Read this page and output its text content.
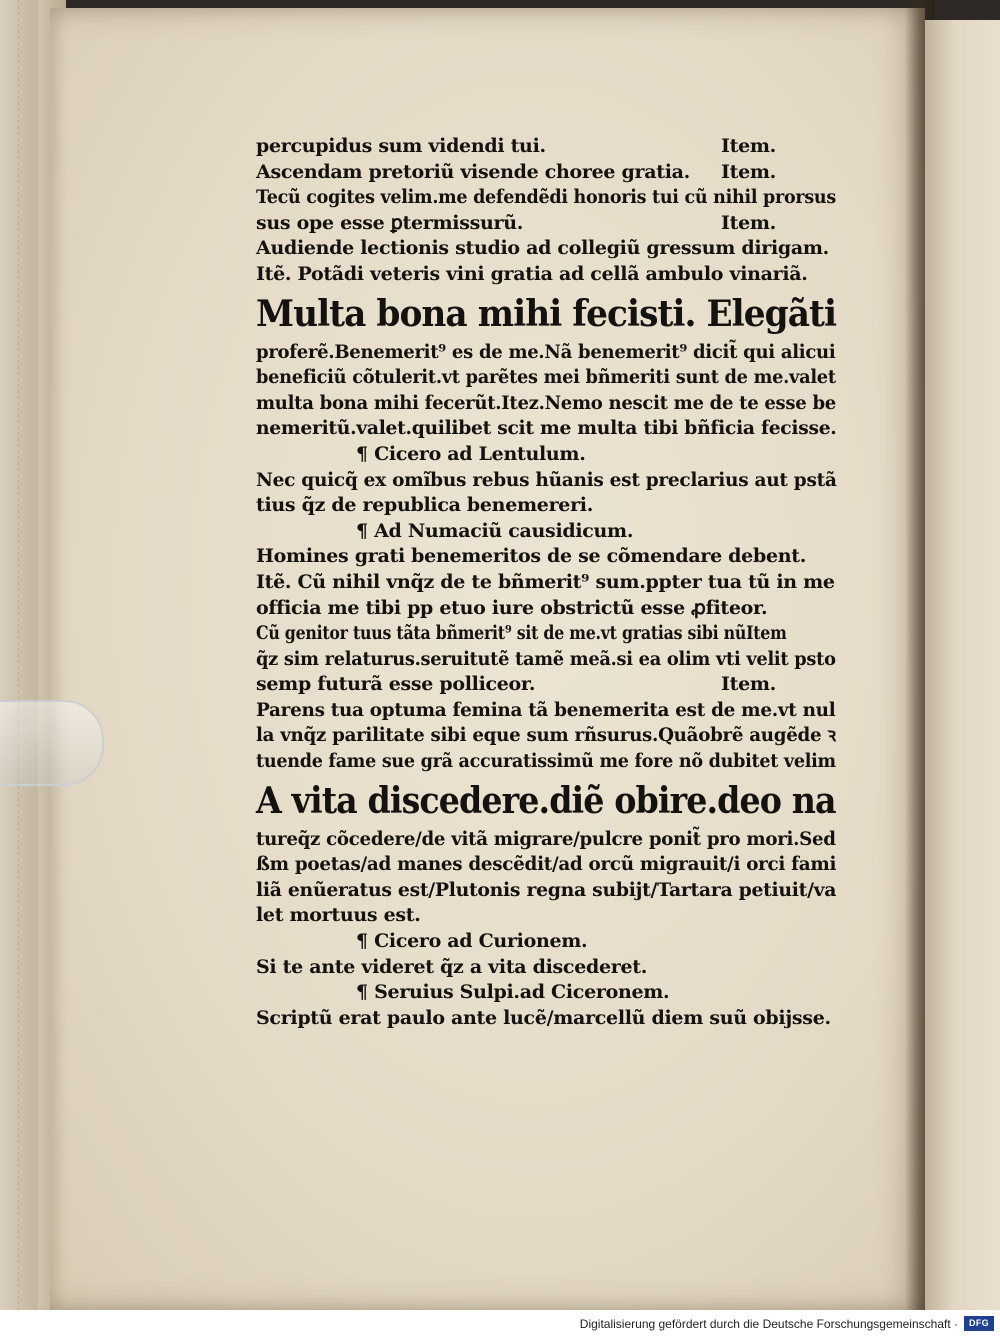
percupidus sum videndi tui.	Item.
Ascendam pretoriũ visende choree gratia. Item.
Tecũ cogites velim.me defendẽdi honoris tui cũ nihil prorsus
sus ope esse ꝑtermissurũ.	Item.
Audiende lectionis studio ad collegiũ gressum dirigam.
Itẽ. Potãdi veteris vini gratia ad cellã ambulo vinariã.
Multa bona mihi fecisti. Elegãti
proferẽ.Benemerit⁹ es de me.Nã benemerit⁹ dicit̃ qui alicui
beneficiũ cõtulerit.vt parẽtes mei bñmeriti sunt de me.valet
multa bona mihi fecerũt.Itez.Nemo nescit me de te esse be
nemeritũ.valet.quilibet scit me multa tibi bñficia fecisse.
¶ Cicero ad Lentulum.
Nec quicq̃ ex omĩbus rebus hũanis est preclarius aut pstã
tius q̃z de republica benemereri.
¶ Ad Numaciũ causidicum.
Homines grati benemeritos de se cõmendare debent.
Itẽ. Cũ nihil vnq̃z de te bñmerit⁹ sum.ppter tua tũ in me
officia me tibi pp etuo iure obstrictũ esse ꝓfiteor.
Cũ genitor tuus tãta bñmerit⁹ sit de me.vt gratias sibi nũ Item
q̃z sim relaturus.seruitutẽ tamẽ meã.si ea olim vti velit psto
semp futurã esse polliceor.	Item.
Parens tua optuma femina tã benemerita est de me.vt nul
la vnq̃z parilitate sibi eque sum rñsurus.Quãobrẽ augẽde ꝛ
tuende fame sue grã accuratissimũ me fore nõ dubitet velim
A vita discedere.diẽ obire.deo na
tureq̃z cõcedere/de vitã migrare/pulcre ponit̃ pro mori.Sed
ßm poetas/ad manes descẽdit/ad orcũ migrauit/i orci fami
liã enũeratus est/Plutonis regna subijt/Tartara petiuit/va
let mortuus est.
¶ Cicero ad Curionem.
Si te ante videret q̃z a vita discederet.
¶ Seruius Sulpi.ad Ciceronem.
Scriptũ erat paulo ante lucẽ/marcellũ diem suũ obijsse.
Digitalisierung gefördert durch die Deutsche Forschungsgemeinschaft ·	DFG
